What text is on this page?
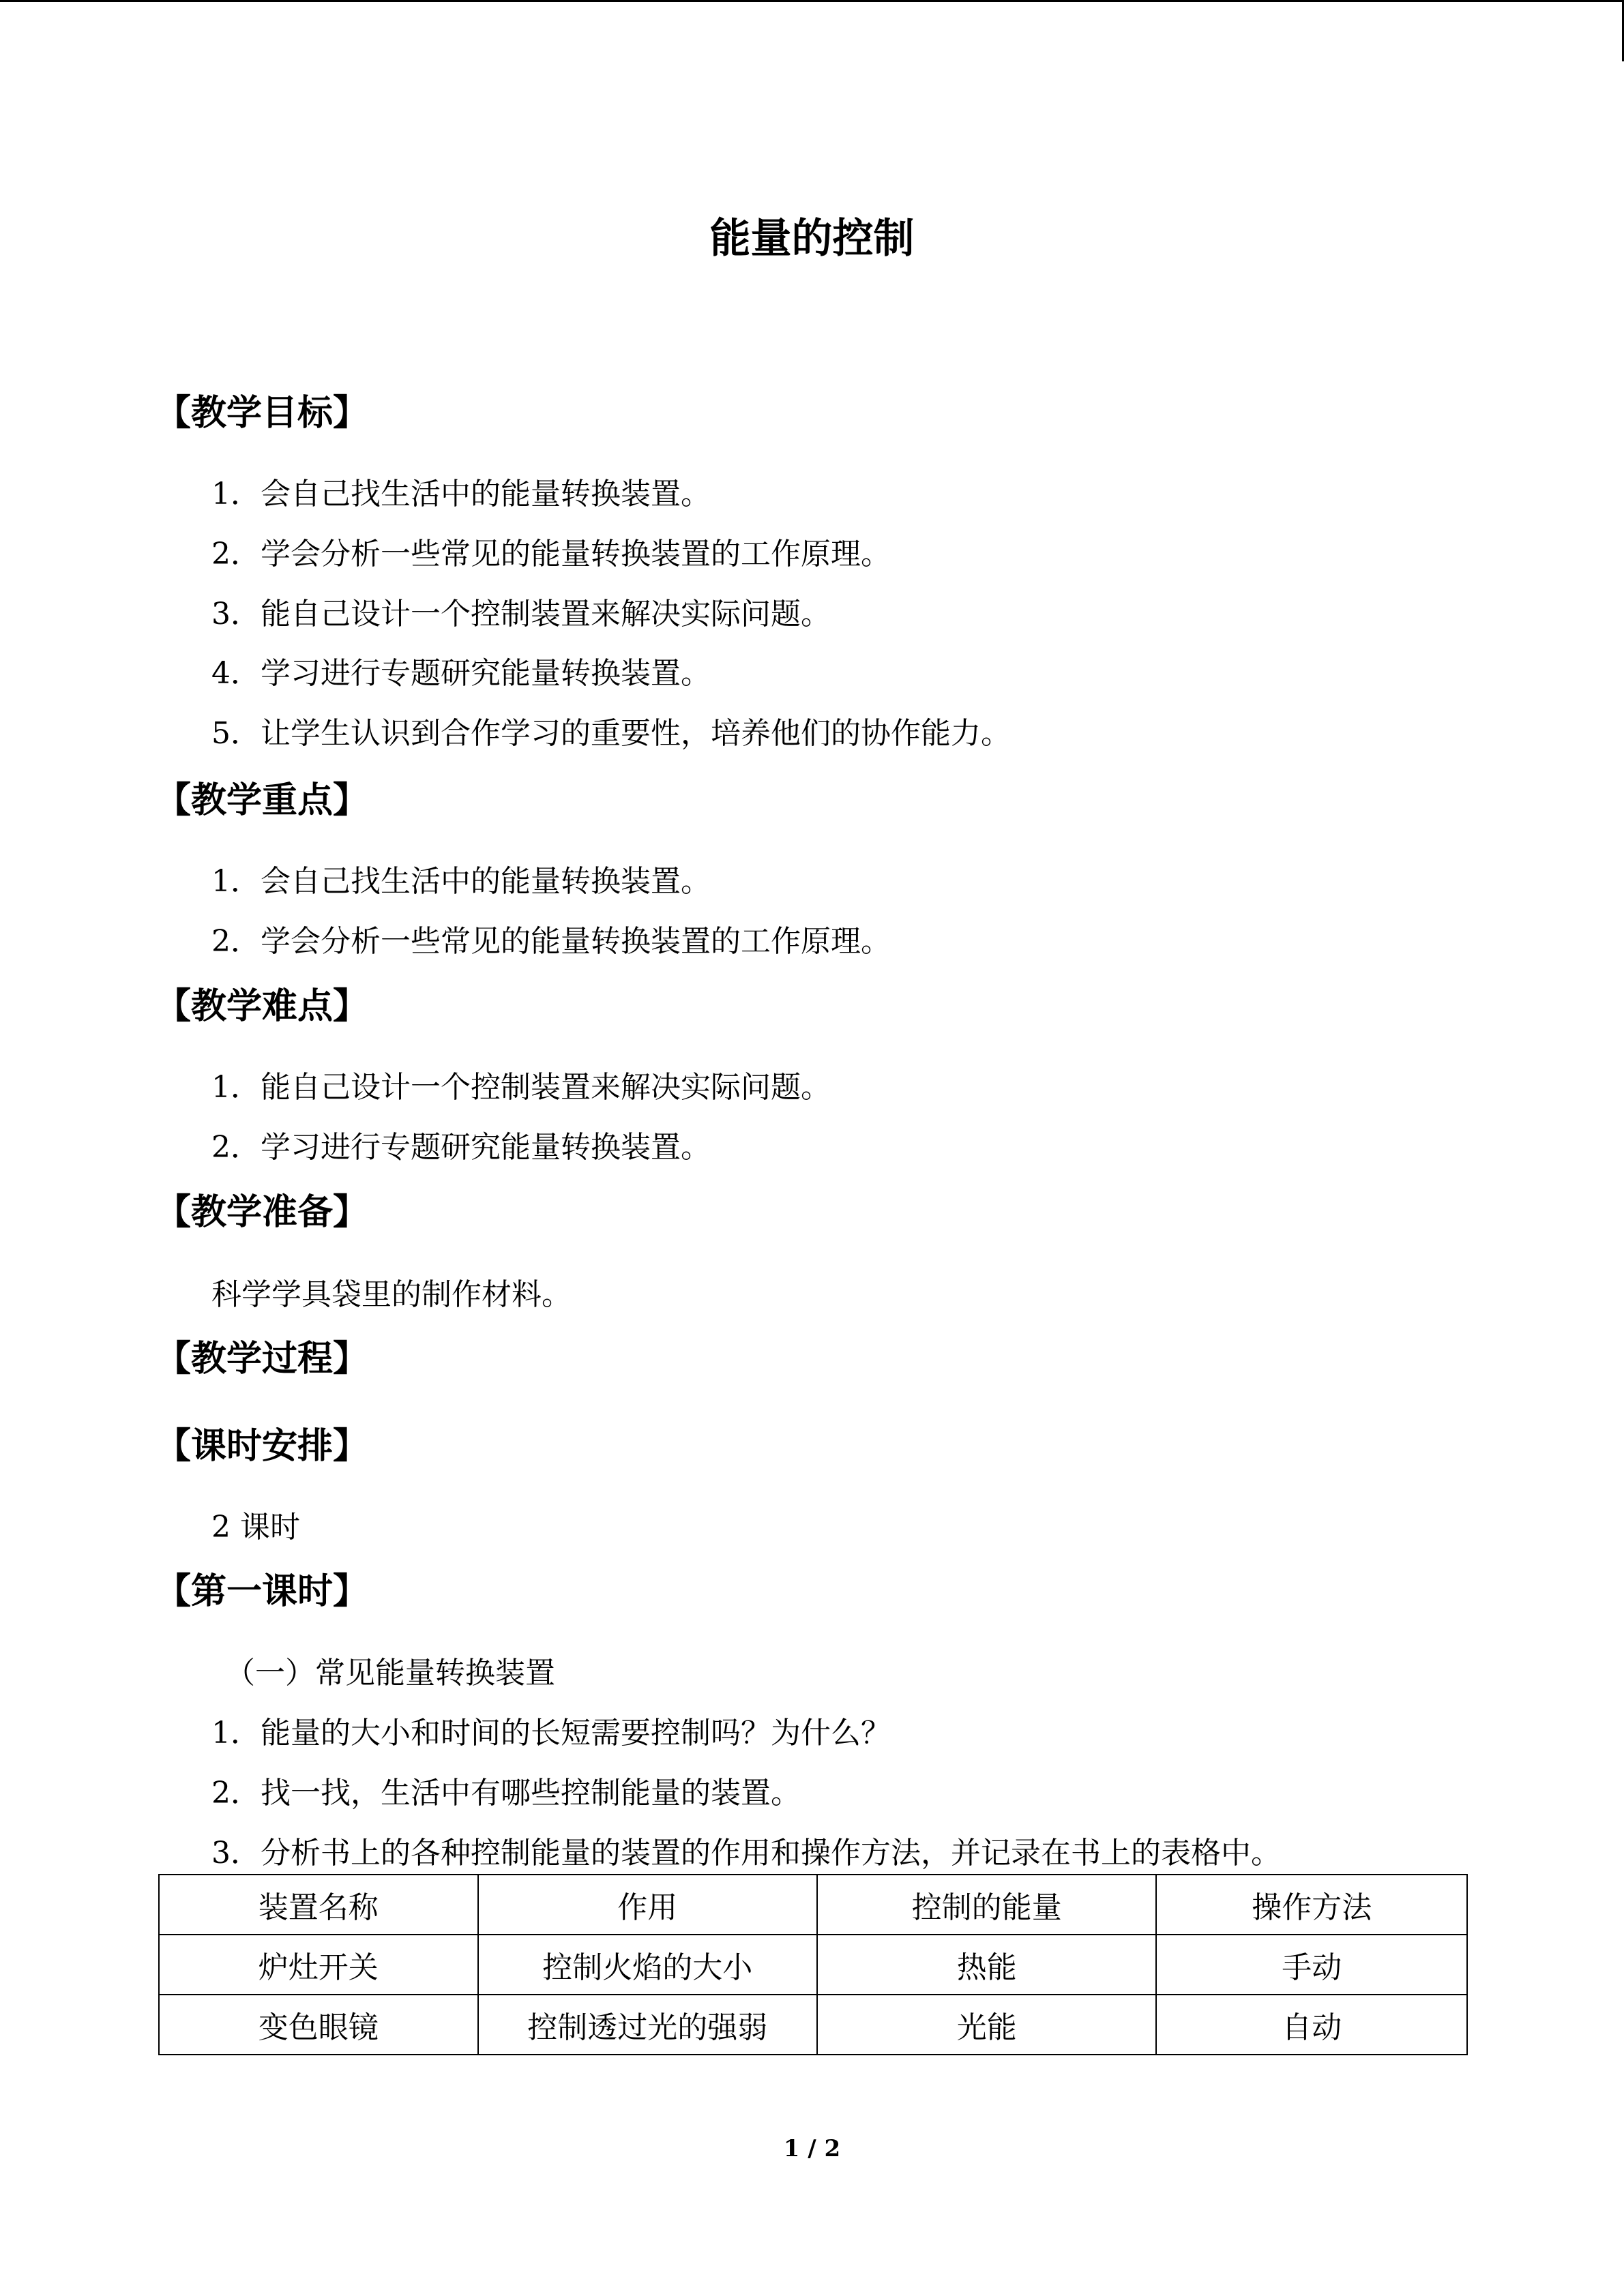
能量的控制
【教学目标】
1．会自己找生活中的能量转换装置。
2．学会分析一些常见的能量转换装置的工作原理。
3．能自己设计一个控制装置来解决实际问题。
4．学习进行专题研究能量转换装置。
5．让学生认识到合作学习的重要性，培养他们的协作能力。
【教学重点】
1．会自己找生活中的能量转换装置。
2．学会分析一些常见的能量转换装置的工作原理。
【教学难点】
1．能自己设计一个控制装置来解决实际问题。
2．学习进行专题研究能量转换装置。
【教学准备】
科学学具袋里的制作材料。
【教学过程】
【课时安排】
2 课时
【第一课时】
（一）常见能量转换装置
1．能量的大小和时间的长短需要控制吗？为什么？
2．找一找，生活中有哪些控制能量的装置。
3．分析书上的各种控制能量的装置的作用和操作方法，并记录在书上的表格中。
装置名称	作用	控制的能量	操作方法
炉灶开关	控制火焰的大小	热能	手动
变色眼镜	控制透过光的强弱	光能	自动
1 / 2
